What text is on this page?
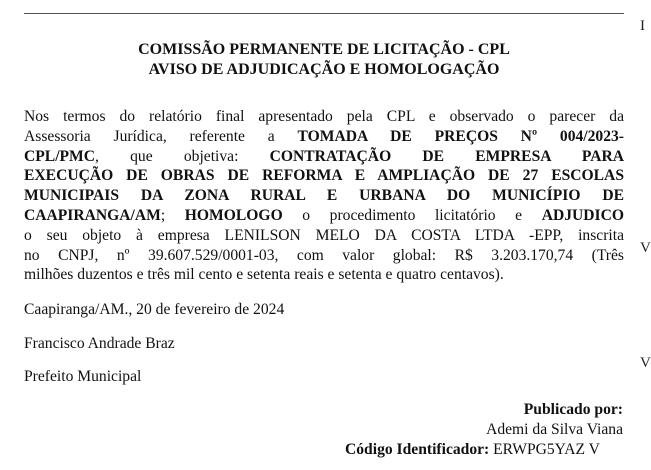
I
V
V
COMISSÃO PERMANENTE DE LICITAÇÃO - CPL
AVISO DE ADJUDICAÇÃO E HOMOLOGAÇÃO
Nos termos do relatório final apresentado pela CPL e observado o parecer da
Assessoria Jurídica, referente a TOMADA DE PREÇOS Nº 004/2023-
CPL/PMC, que objetiva: CONTRATAÇÃO DE EMPRESA PARA
EXECUÇÃO DE OBRAS DE REFORMA E AMPLIAÇÃO DE 27 ESCOLAS
MUNICIPAIS DA ZONA RURAL E URBANA DO MUNICÍPIO DE
CAAPIRANGA/AM; HOMOLOGO o procedimento licitatório e ADJUDICO
o seu objeto à empresa LENILSON MELO DA COSTA LTDA -EPP, inscrita
no CNPJ, nº 39.607.529/0001-03, com valor global: R$ 3.203.170,74 (Três
milhões duzentos e três mil cento e setenta reais e setenta e quatro centavos).
Caapiranga/AM., 20 de fevereiro de 2024
Francisco Andrade Braz
Prefeito Municipal
Publicado por:
Ademi da Silva Viana
Código Identificador: ERWPG5YAZ V
